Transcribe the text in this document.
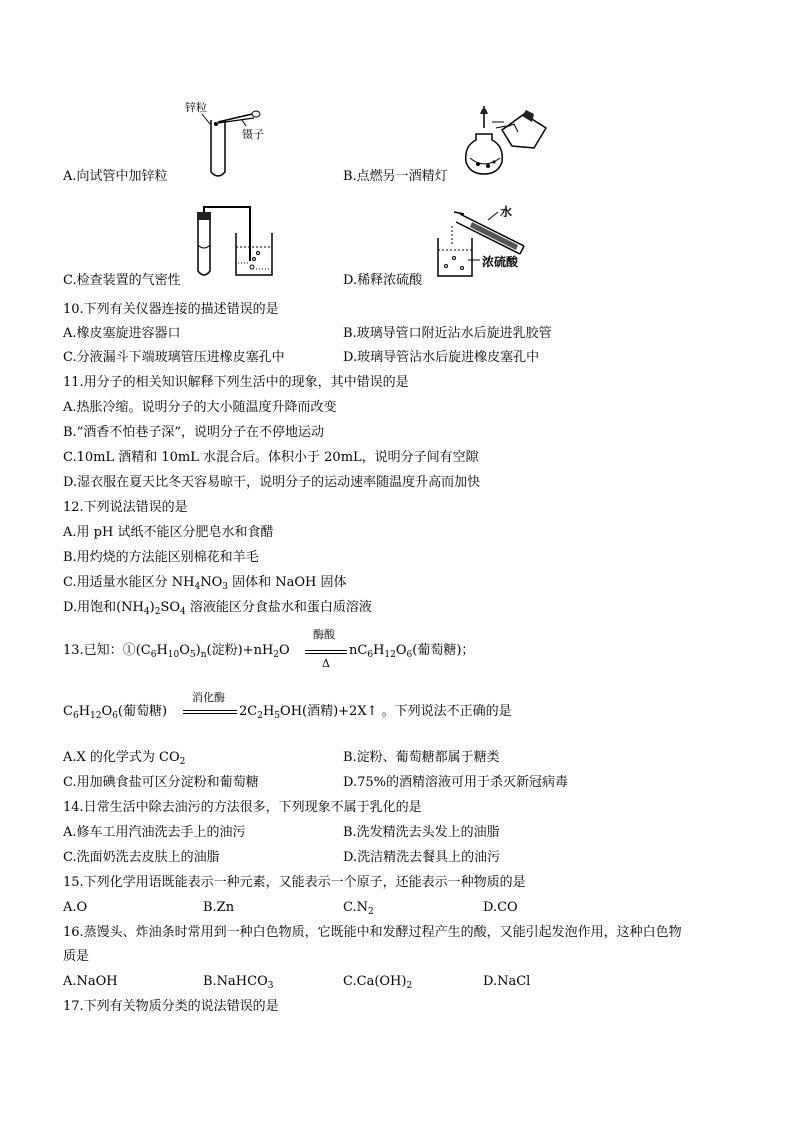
锌粒
镊子
水
浓硫酸
A.向试管中加锌粒	B.点燃另一酒精灯
C.检查装置的气密性	D.稀释浓硫酸
10.下列有关仪器连接的描述错误的是
A.橡皮塞旋进容器口	B.玻璃导管口附近沾水后旋进乳胶管
C.分液漏斗下端玻璃管压进橡皮塞孔中	D.玻璃导管沾水后旋进橡皮塞孔中
11.用分子的相关知识解释下列生活中的现象，其中错误的是
A.热胀冷缩。说明分子的大小随温度升降而改变
B.“酒香不怕巷子深”，说明分子在不停地运动
C.10mL 酒精和 10mL 水混合后。体积小于 20mL，说明分子间有空隙
D.湿衣服在夏天比冬天容易晾干，说明分子的运动速率随温度升高而加快
12.下列说法错误的是
A.用 pH 试纸不能区分肥皂水和食醋
B.用灼烧的方法能区别棉花和羊毛
C.用适量水能区分 $NH_4NO_3$ 固体和 NaOH 固体
D.用饱和$(NH_4)_2SO_4$ 溶液能区分食盐水和蛋白质溶液
13.已知：$①(C_6H_{10}O_5)_n$(淀粉)$+nH_2O$
酶酸
Δ
$nC_6H_{12}O_6$(葡萄糖)；
$C_6H_{12}O_6$(葡萄糖)
消化酶
$2C_2H_5OH$(酒精)+2X↑ 。下列说法不正确的是
A.X 的化学式为 $CO_2$	B.淀粉、葡萄糖都属于糖类
C.用加碘食盐可区分淀粉和葡萄糖	D.75%的酒精溶液可用于杀灭新冠病毒
14.日常生活中除去油污的方法很多，下列现象不属于乳化的是
A.修车工用汽油洗去手上的油污	B.洗发精洗去头发上的油脂
C.洗面奶洗去皮肤上的油脂	D.洗洁精洗去餐具上的油污
15.下列化学用语既能表示一种元素，又能表示一个原子，还能表示一种物质的是
A.O	B.Zn	$C.N_2$	D.CO
16.蒸馒头、炸油条时常用到一种白色物质，它既能中和发酵过程产生的酸，又能引起发泡作用，这种白色物
质是
A.NaOH	B.NaHCO$_3$	$C.Ca(OH)_2$	D.NaCl
17.下列有关物质分类的说法错误的是
